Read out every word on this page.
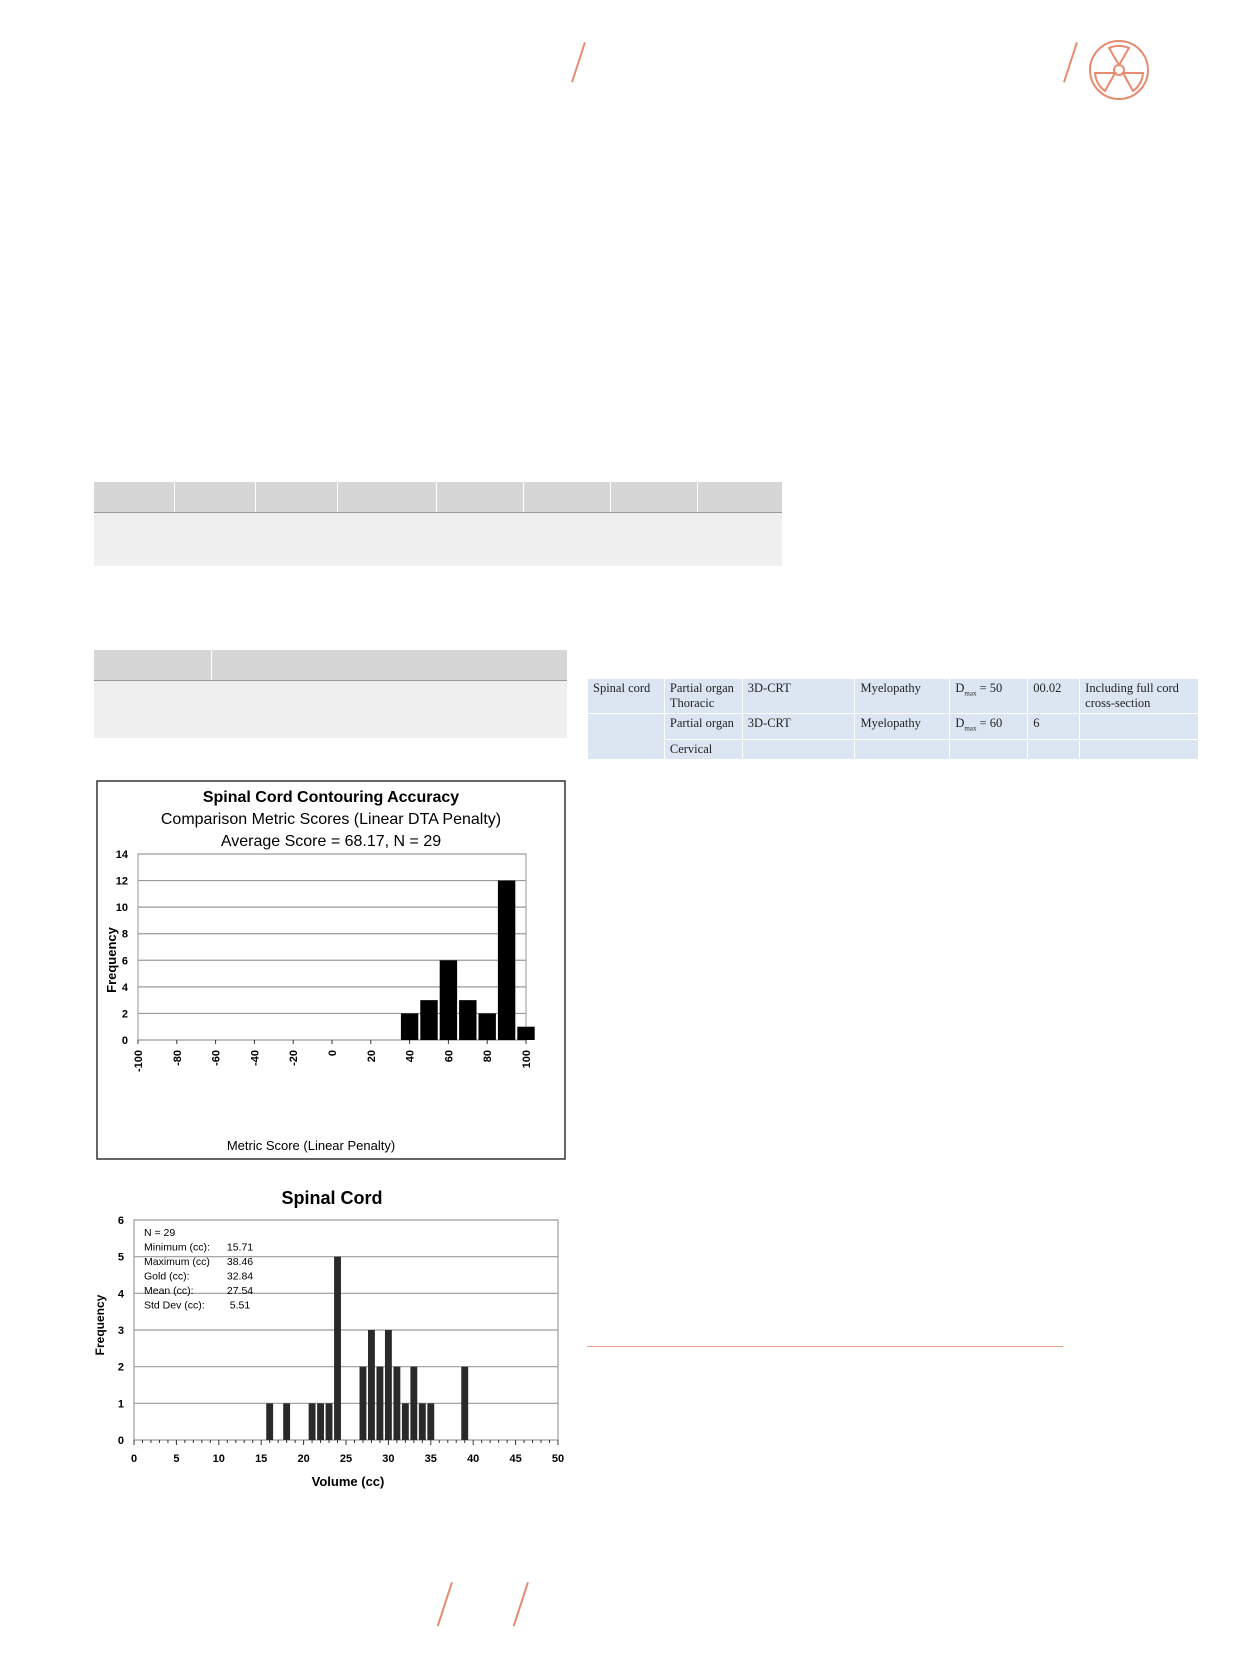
Spinal cord	Partial organ Thoracic	3D-CRT	Myelopathy	$D_{max} = 50$	00.02	Including full cord cross-section
	Partial organ	3D-CRT	Myelopathy	$D_{max} = 60$	6	
	Cervical					
Spinal Cord Contouring Accuracy
Comparison Metric Scores (Linear DTA Penalty)
Average Score = 68.17, N = 29
Frequency
Metric Score (Linear Penalty)
0
2
4
6
8
10
12
14
-100 -80 -60 -40 -20 0 20 40 60 80 100
Spinal Cord
Frequency
Volume (cc)
0
1
2
3
4
5
6
0	5	10	15	20	25	30	35	40	45	50
N = 29
Minimum (cc): 15.71
Maximum (cc) 38.46
Gold (cc):	32.84
Mean (cc):	27.54
Std Dev (cc): 5.51
